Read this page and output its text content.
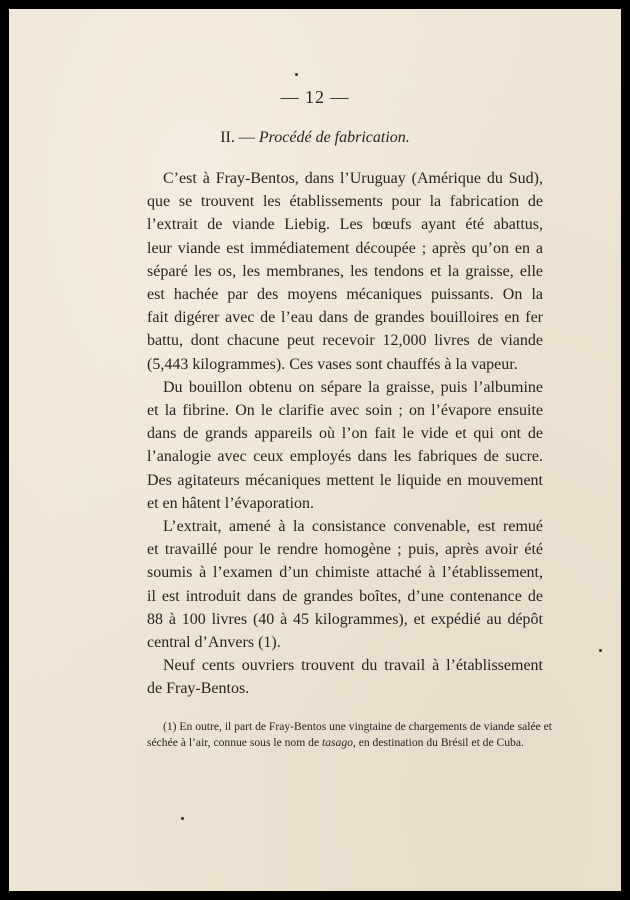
— 12 —
II. — Procédé de fabrication.
C’est à Fray-Bentos, dans l’Uruguay (Amérique du Sud),
que se trouvent les établissements pour la fabrication de
l’extrait de viande Liebig. Les bœufs ayant été abattus,
leur viande est immédiatement découpée ; après qu’on en a
séparé les os, les membranes, les tendons et la graisse, elle
est hachée par des moyens mécaniques puissants. On la
fait digérer avec de l’eau dans de grandes bouilloires en fer
battu, dont chacune peut recevoir 12,000 livres de viande
(5,443 kilogrammes). Ces vases sont chauffés à la vapeur.
Du bouillon obtenu on sépare la graisse, puis l’albumine
et la fibrine. On le clarifie avec soin ; on l’évapore ensuite
dans de grands appareils où l’on fait le vide et qui ont de
l’analogie avec ceux employés dans les fabriques de sucre.
Des agitateurs mécaniques mettent le liquide en mouvement
et en hâtent l’évaporation.
L’extrait, amené à la consistance convenable, est remué
et travaillé pour le rendre homogène ; puis, après avoir été
soumis à l’examen d’un chimiste attaché à l’établissement,
il est introduit dans de grandes boîtes, d’une contenance de
88 à 100 livres (40 à 45 kilogrammes), et expédié au dépôt
central d’Anvers (1).
Neuf cents ouvriers trouvent du travail à l’établissement
de Fray-Bentos.
(1) En outre, il part de Fray-Bentos une vingtaine de chargements de viande salée et
séchée à l’air, connue sous le nom de tasago, en destination du Brésil et de Cuba.
